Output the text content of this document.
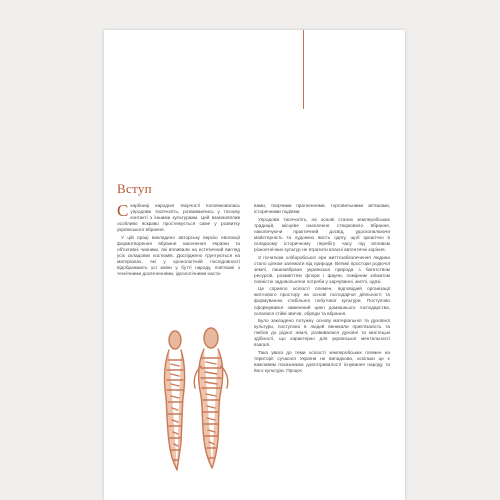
Вступ

Скарбниці народної творчості поповнювалась упродовж тисячоліть, розвиваючись у тісному контакті з іншими культурами. Цей взаємовплив особливо яскраво простежується саме у розвитку українського вбрання.

У цій праці викладено авторську версію еволюції формотворення вбрання населення України та об'єктивні чинники, які впливали на естетичний вигляд усіх складових костюмів. Досліджено ґрунтуються на матеріалах, які у хронологічній послідовності відображають усі зміни у бутті народу, пов'язані з технічними досягненнями, ідеологічними наста-

вами, творчими прагненнями, торговельними зв'язками, історичними подіями.

Упродовж тисячоліть, на основі сталих землеробських традицій, місцеве населення створювало вбрання, накопичуючи практичний досвід, удосконалюючи майстерність та художню якість одягу, щоб зреагічно в складному історичному перебігу часу під впливом різноетнічних культур не втратити власні автентичні коріння.

З початком хліборобської ери життєзабезпечення людини стало цілком залежати від природи. Великі простори родючої землі, пишновбрана українська природа з багатством ресурсів, розмаїттям флори і фауни, помірним кліматом повністю задовольняли потреби у харчуванні, житлі, одязі.

Це сприяло осілості племен, відповідній організації житлового простору на основі господарчої діяльності та формуванню стабільної побутової культури. Поступово сформувався замкнений цикл домашнього господарства, склалися стійкі звичаї, обряди та вбрання.

Було закладено потужну основу матеріальної та духовної культури, поступово в людей виникали прив'язаність та любов до рідної землі, розвивалися духовні та мистецькі здібності, що характерно для української ментальності взагалі.

Така увага до теми осілості землеробських племен на території сучасної України не випадкова, оскільки це є важливим показником довготривалості існування народу та його культури. Процес
